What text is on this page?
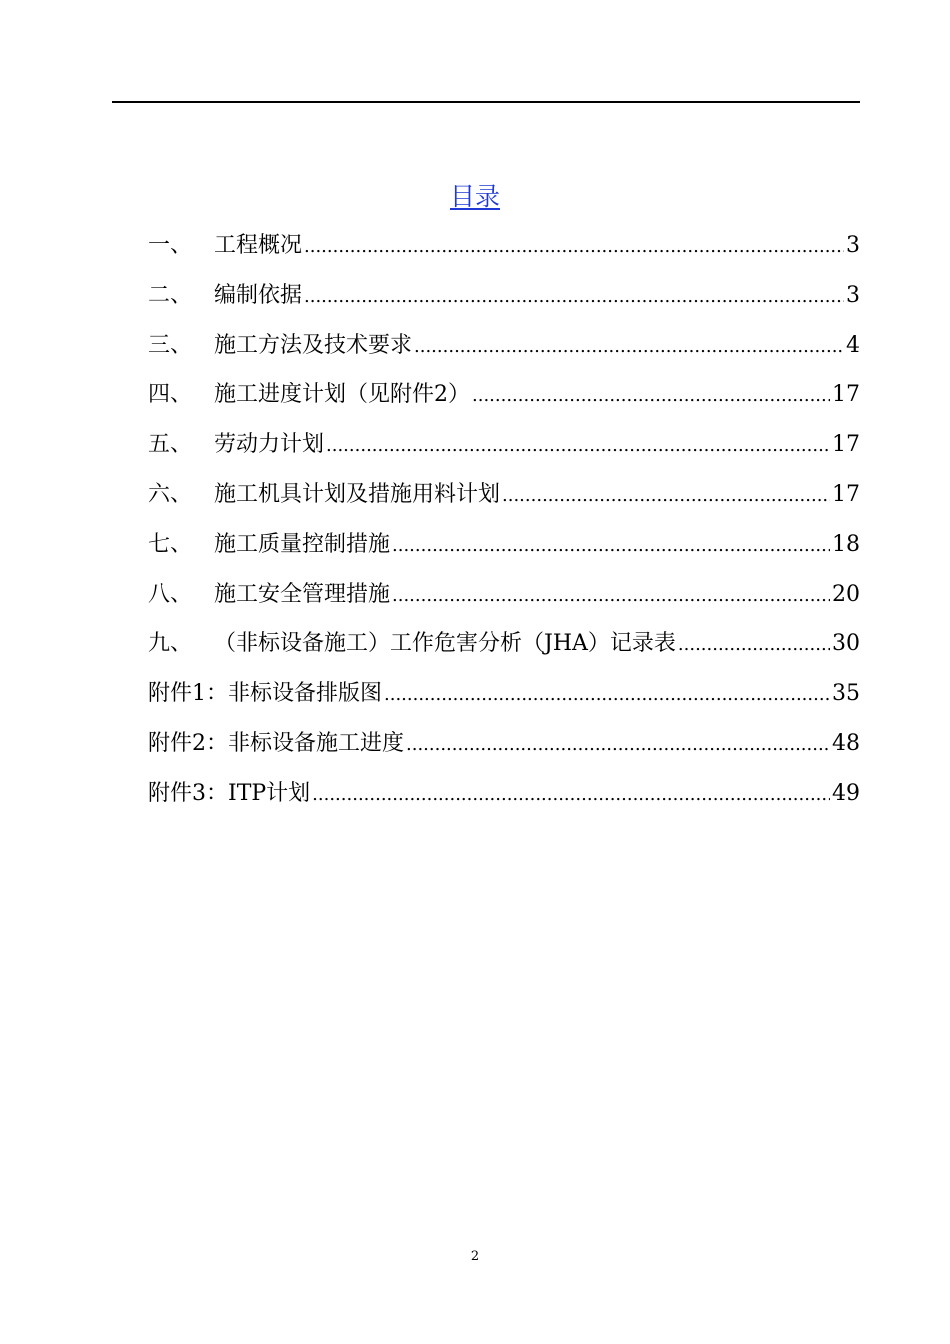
目录
一、 工程概况 .....	3
二、 编制依据 .....	3
三、 施工方法及技术要求 .....	4
四、 施工进度计划（见附件2） .....	17
五、 劳动力计划 .....	17
六、 施工机具计划及措施用料计划 .....	17
七、 施工质量控制措施 .....	18
八、 施工安全管理措施 .....	20
九、 （非标设备施工）工作危害分析（JHA）记录表 .....	30
附件1：非标设备排版图 .....	35
附件2：非标设备施工进度 .....	48
附件3：ITP计划 .....	49
2
